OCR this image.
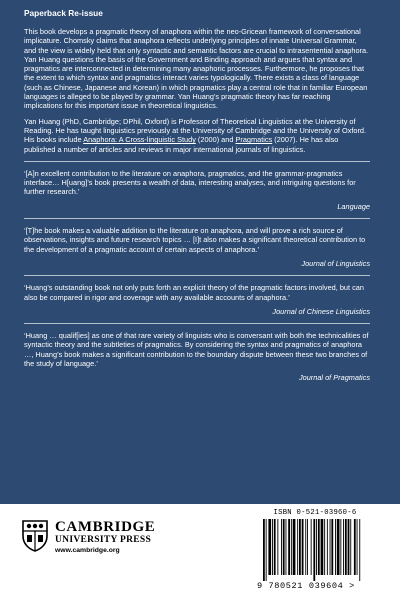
Paperback Re-issue

This book develops a pragmatic theory of anaphora within the neo-Gricean framework of conversational implicature. Chomsky claims that anaphora reflects underlying principles of innate Universal Grammar, and the view is widely held that only syntactic and semantic factors are crucial to intrasentential anaphora. Yan Huang questions the basis of the Government and Binding approach and argues that syntax and pragmatics are interconnected in determining many anaphoric processes. Furthermore, he proposes that the extent to which syntax and pragmatics interact varies typologically. There exists a class of language (such as Chinese, Japanese and Korean) in which pragmatics play a central role that in familiar European languages is alleged to be played by grammar. Yan Huang's pragmatic theory has far reaching implications for this important issue in theoretical linguistics.

Yan Huang (PhD, Cambridge; DPhil, Oxford) is Professor of Theoretical Linguistics at the University of Reading. He has taught linguistics previously at the University of Cambridge and the University of Oxford. His books include Anaphora: A Cross-linguistic Study (2000) and Pragmatics (2007). He has also published a number of articles and reviews in major international journals of linguistics.

‘[A]n excellent contribution to the literature on anaphora, pragmatics, and the grammar-pragmatics interface… H[uang]’s book presents a wealth of data, interesting analyses, and intriguing questions for further research.’

Language

‘[T]he book makes a valuable addition to the literature on anaphora, and will prove a rich source of observations, insights and future research topics … [I]t also makes a significant theoretical contribution to the development of a pragmatic account of certain aspects of anaphora.’

Journal of Linguistics

‘Huang’s outstanding book not only puts forth an explicit theory of the pragmatic factors involved, but can also be compared in rigor and coverage with any available accounts of anaphora.’

Journal of Chinese Linguistics

‘Huang … qualif[ies] as one of that rare variety of linguists who is conversant with both the technicalities of syntactic theory and the subtleties of pragmatics. By considering the syntax and pragmatics of anaphora …, Huang’s book makes a significant contribution to the boundary dispute between these two branches of the study of language.’

Journal of Pragmatics

CAMBRIDGE
UNIVERSITY PRESS
www.cambridge.org
ISBN 0-521-03960-6
9 780521 039604 >
